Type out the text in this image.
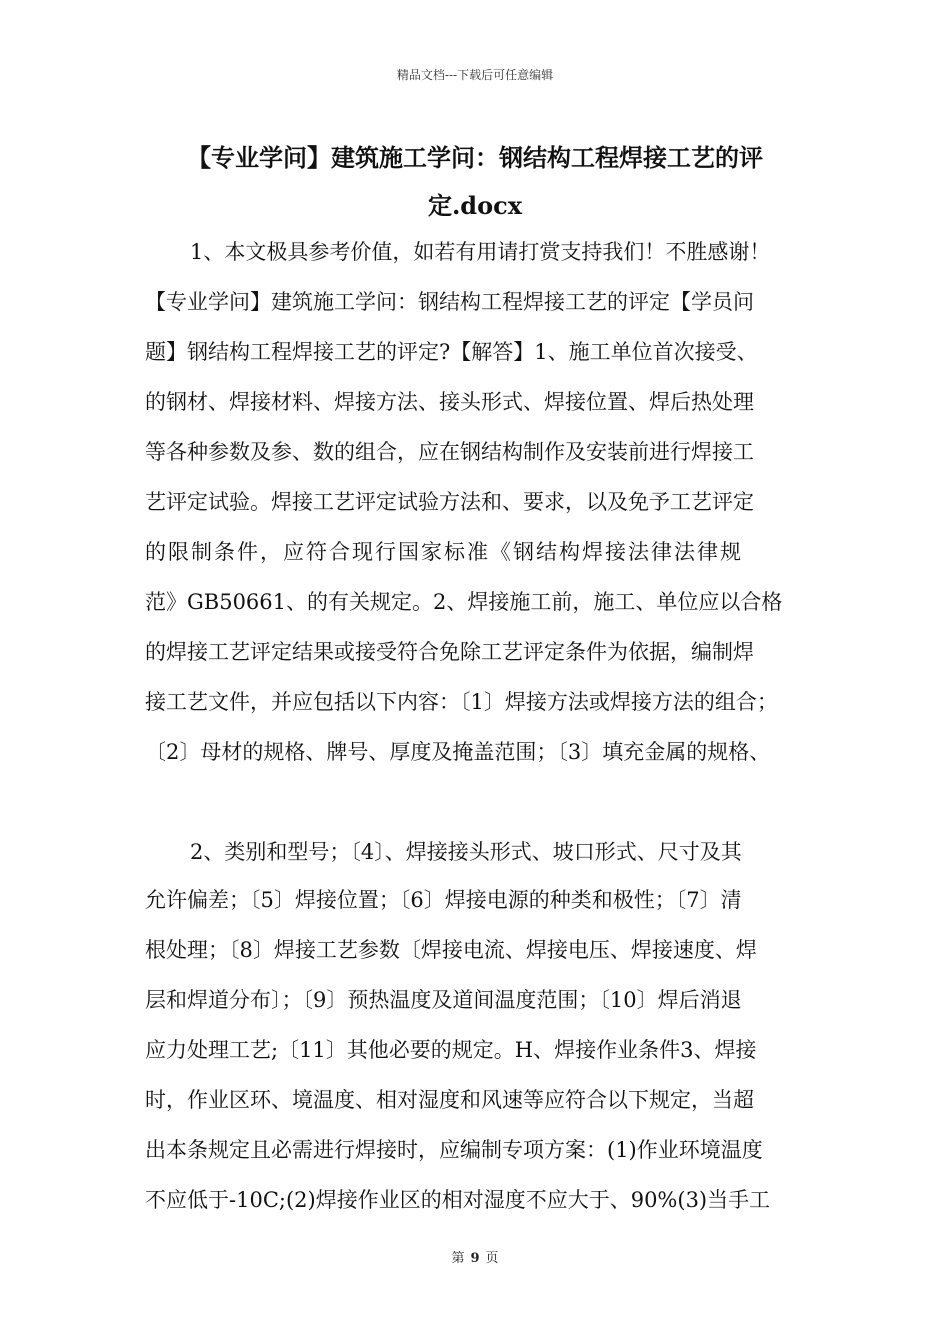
精品文档---下载后可任意编辑
【专业学问】建筑施工学问：钢结构工程焊接工艺的评
定.docx
1、本文极具参考价值，如若有用请打赏支持我们！不胜感谢！
【专业学问】建筑施工学问：钢结构工程焊接工艺的评定【学员问
题】钢结构工程焊接工艺的评定?【解答】1、施工单位首次接受、
的钢材、焊接材料、焊接方法、接头形式、焊接位置、焊后热处理
等各种参数及参、数的组合，应在钢结构制作及安装前进行焊接工
艺评定试验。焊接工艺评定试验方法和、要求，以及免予工艺评定
的限制条件，应符合现行国家标准《钢结构焊接法律法律规
范》GB50661、的有关规定。2、焊接施工前，施工、单位应以合格
的焊接工艺评定结果或接受符合免除工艺评定条件为依据，编制焊
接工艺文件，并应包括以下内容：〔1〕焊接方法或焊接方法的组合；
〔2〕母材的规格、牌号、厚度及掩盖范围；〔3〕填充金属的规格、
2、类别和型号；〔4〕、焊接接头形式、坡口形式、尺寸及其
允许偏差；〔5〕焊接位置；〔6〕焊接电源的种类和极性；〔7〕清
根处理；〔8〕焊接工艺参数〔焊接电流、焊接电压、焊接速度、焊
层和焊道分布〕；〔9〕预热温度及道间温度范围；〔10〕焊后消退
应力处理工艺;〔11〕其他必要的规定。H、焊接作业条件3、焊接
时，作业区环、境温度、相对湿度和风速等应符合以下规定，当超
出本条规定且必需进行焊接时，应编制专项方案：(1)作业环境温度
不应低于-10C;(2)焊接作业区的相对湿度不应大于、90%(3)当手工
第 9 页
